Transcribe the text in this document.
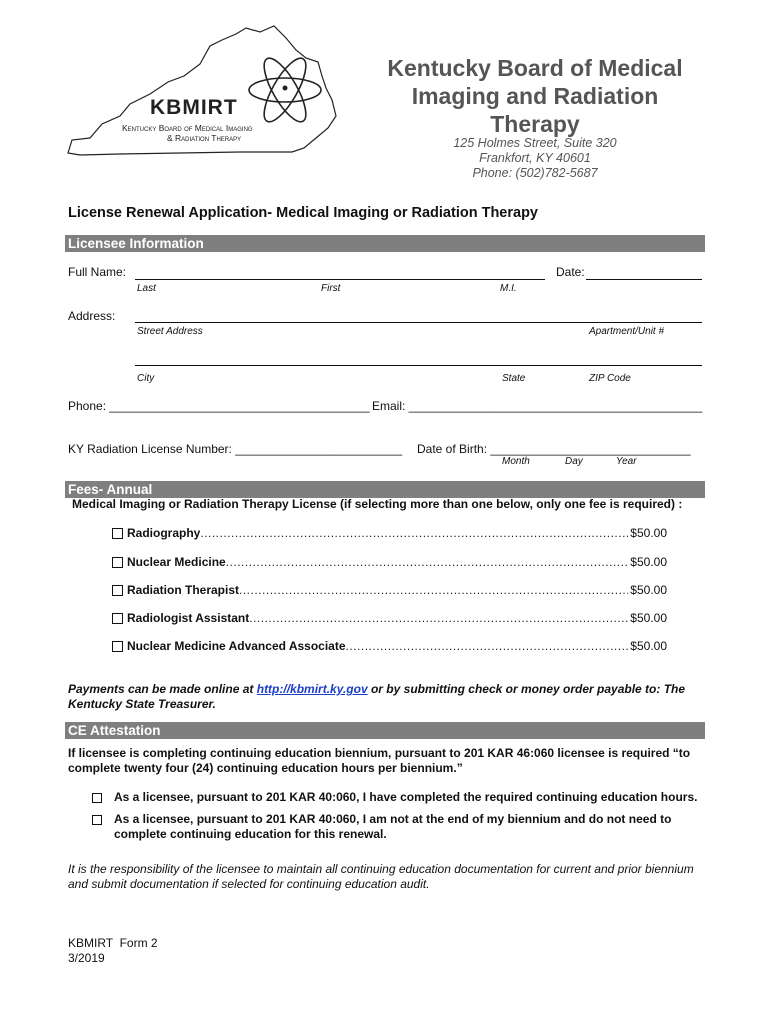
KBMIRT
Kentucky Board of Medical Imaging
& Radiation Therapy
Kentucky Board of Medical Imaging and Radiation Therapy
125 Holmes Street, Suite 320
Frankfort, KY 40601
Phone: (502)782-5687
License Renewal Application- Medical Imaging or Radiation Therapy
Licensee Information
Full Name:	Date:
Last	First	M.I.
Address:
Street Address	Apartment/Unit #
City	State	ZIP Code
Phone: _______________________________________ Email: ____________________________________________
KY Radiation License Number: _________________________ Date of Birth: ______________________________
Month	Day	Year
Fees- Annual
Medical Imaging or Radiation Therapy License (if selecting more than one below, only one fee is required) :
Radiography .....	$50.00
Nuclear Medicine .....	$50.00
Radiation Therapist .....	$50.00
Radiologist Assistant .....	$50.00
Nuclear Medicine Advanced Associate .....	$50.00
Payments can be made online at http://kbmirt.ky.gov or by submitting check or money order payable to: The Kentucky State Treasurer.
CE Attestation
If licensee is completing continuing education biennium, pursuant to 201 KAR 46:060 licensee is required “to complete twenty four (24) continuing education hours per biennium.”
As a licensee, pursuant to 201 KAR 40:060, I have completed the required continuing education hours.
As a licensee, pursuant to 201 KAR 40:060, I am not at the end of my biennium and do not need to complete continuing education for this renewal.
It is the responsibility of the licensee to maintain all continuing education documentation for current and prior biennium and submit documentation if selected for continuing education audit.
KBMIRT  Form 2
3/2019
